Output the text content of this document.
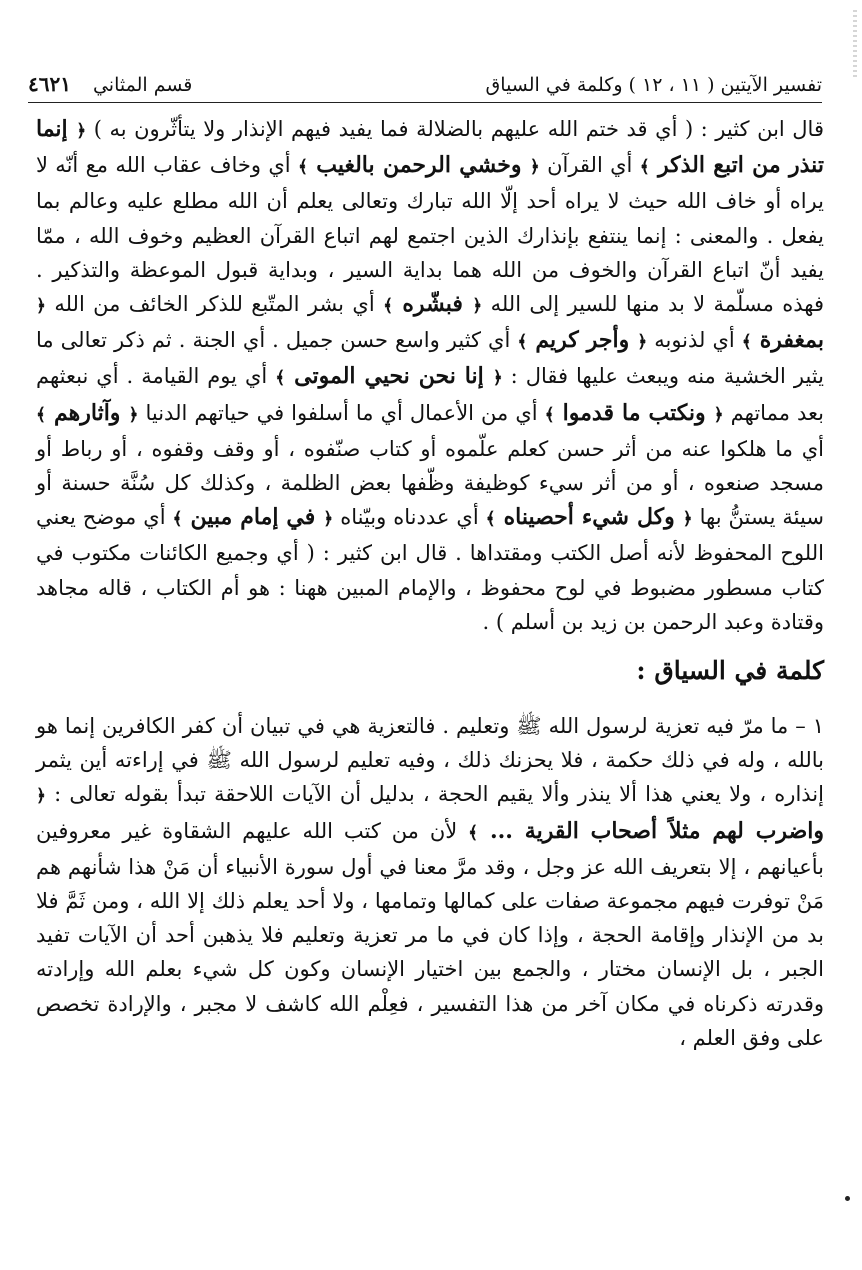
تفسير الآيتين ( ١١ ، ١٢ ) وكلمة في السياق
قسم المثاني
٤٦٢١

قال ابن كثير : ( أي قد ختم الله عليهم بالضلالة فما يفيد فيهم الإنذار ولا يتأثّرون به ) ﴿ إنما تنذر من اتبع الذكر ﴾ أي القرآن ﴿ وخشي الرحمن بالغيب ﴾ أي وخاف عقاب الله مع أنّه لا يراه أو خاف الله حيث لا يراه أحد إلّا الله تبارك وتعالى يعلم أن الله مطلع عليه وعالم بما يفعل . والمعنى : إنما ينتفع بإنذارك الذين اجتمع لهم اتباع القرآن العظيم وخوف الله ، ممّا يفيد أنّ اتباع القرآن والخوف من الله هما بداية السير ، وبداية قبول الموعظة والتذكير . فهذه مسلّمة لا بد منها للسير إلى الله ﴿ فبشّره ﴾ أي بشر المتّبع للذكر الخائف من الله ﴿ بمغفرة ﴾ أي لذنوبه ﴿ وأجر كريم ﴾ أي كثير واسع حسن جميل . أي الجنة . ثم ذكر تعالى ما يثير الخشية منه ويبعث عليها فقال : ﴿ إنا نحن نحيي الموتى ﴾ أي يوم القيامة . أي نبعثهم بعد مماتهم ﴿ ونكتب ما قدموا ﴾ أي من الأعمال أي ما أسلفوا في حياتهم الدنيا ﴿ وآثارهم ﴾ أي ما هلكوا عنه من أثر حسن كعلم علّموه أو كتاب صنّفوه ، أو وقف وقفوه ، أو رباط أو مسجد صنعوه ، أو من أثر سيء كوظيفة وظّفها بعض الظلمة ، وكذلك كل سُنَّة حسنة أو سيئة يستنُّ بها ﴿ وكل شيء أحصيناه ﴾ أي عددناه وبيّناه ﴿ في إمام مبين ﴾ أي موضح يعني اللوح المحفوظ لأنه أصل الكتب ومقتداها . قال ابن كثير : ( أي وجميع الكائنات مكتوب في كتاب مسطور مضبوط في لوح محفوظ ، والإمام المبين ههنا : هو أم الكتاب ، قاله مجاهد وقتادة وعبد الرحمن بن زيد بن أسلم ) .

كلمة في السياق :

١ – ما مرّ فيه تعزية لرسول الله ﷺ وتعليم . فالتعزية هي في تبيان أن كفر الكافرين إنما هو بالله ، وله في ذلك حكمة ، فلا يحزنك ذلك ، وفيه تعليم لرسول الله ﷺ في إراءته أين يثمر إنذاره ، ولا يعني هذا ألا ينذر وألا يقيم الحجة ، بدليل أن الآيات اللاحقة تبدأ بقوله تعالى : ﴿ واضرب لهم مثلاً أصحاب القرية ... ﴾ لأن من كتب الله عليهم الشقاوة غير معروفين بأعيانهم ، إلا بتعريف الله عز وجل ، وقد مرَّ معنا في أول سورة الأنبياء أن مَنْ هذا شأنهم هم مَنْ توفرت فيهم مجموعة صفات على كمالها وتمامها ، ولا أحد يعلم ذلك إلا الله ، ومن ثَمَّ فلا بد من الإنذار وإقامة الحجة ، وإذا كان في ما مر تعزية وتعليم فلا يذهبن أحد أن الآيات تفيد الجبر ، بل الإنسان مختار ، والجمع بين اختيار الإنسان وكون كل شيء بعلم الله وإرادته وقدرته ذكرناه في مكان آخر من هذا التفسير ، فعِلْم الله كاشف لا مجبر ، والإرادة تخصص على وفق العلم ،
